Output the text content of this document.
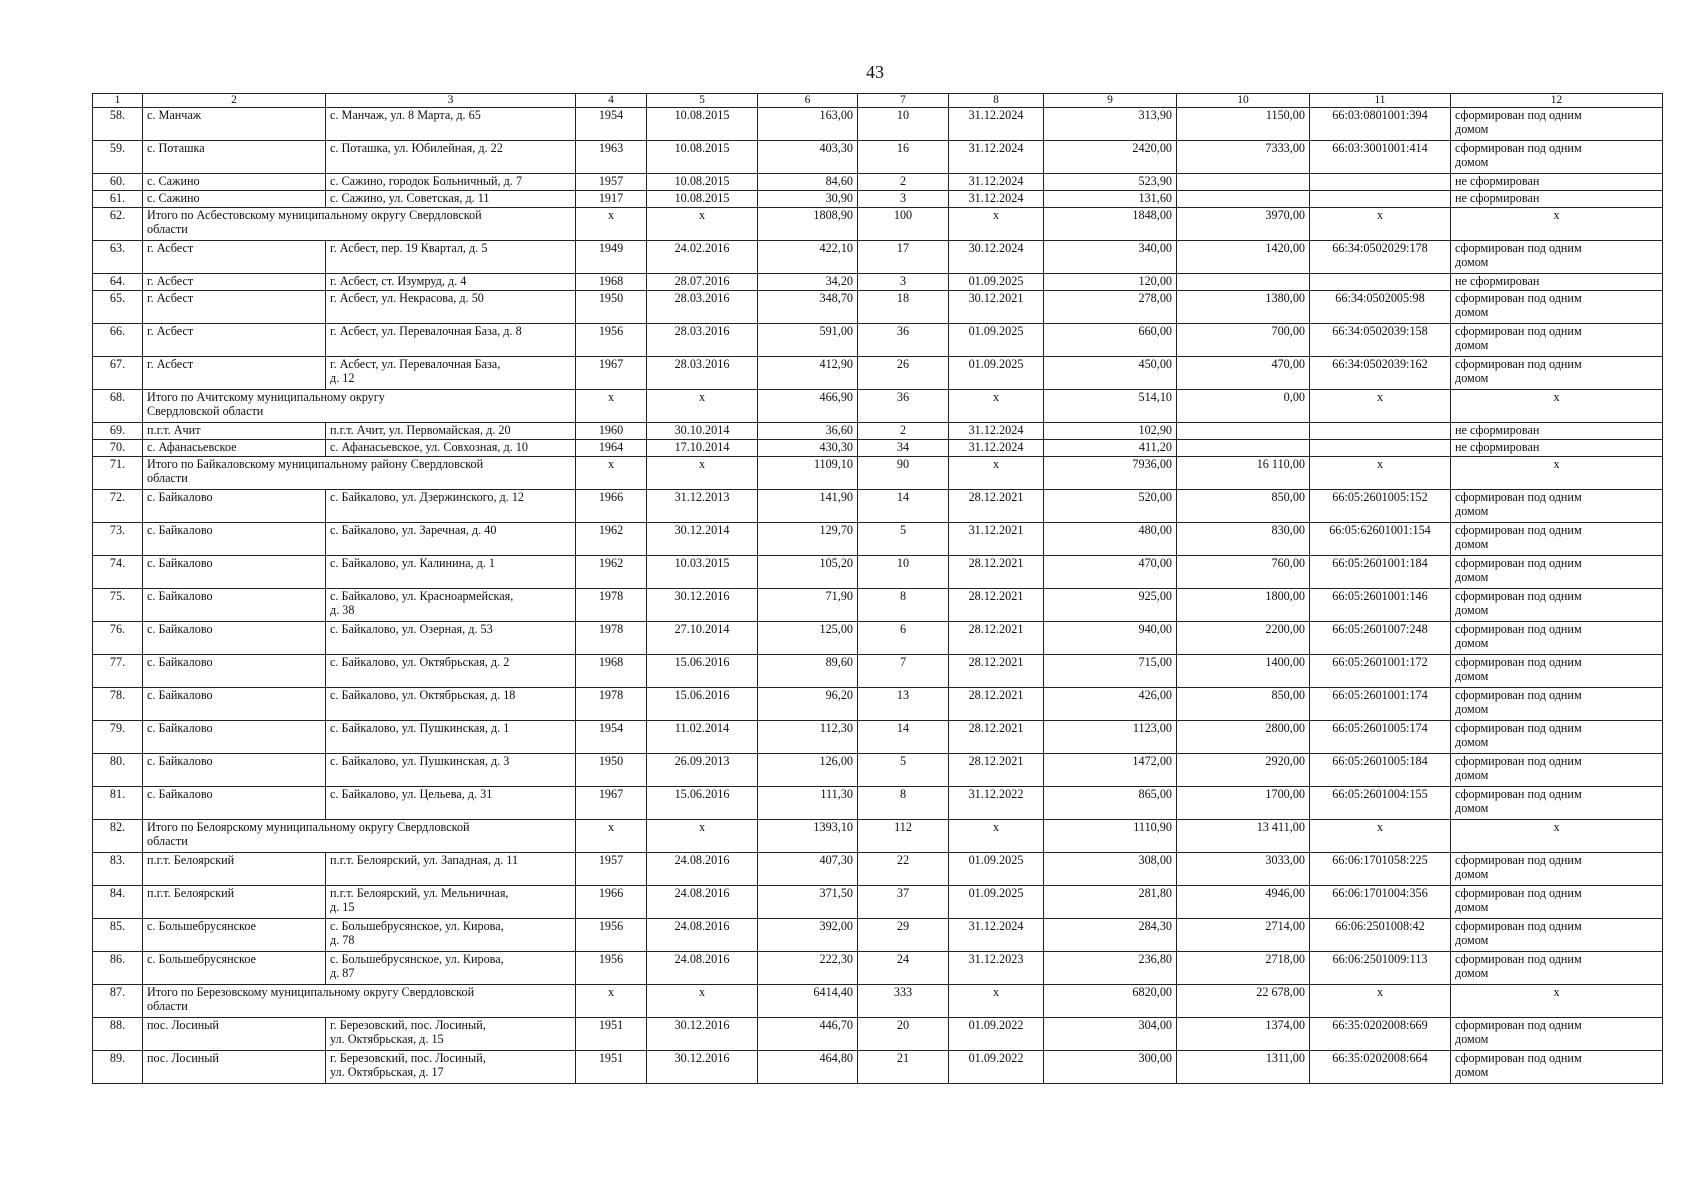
43
1	2	3	4	5	6	7	8	9	10	11	12
58.	с. Манчаж	с. Манчаж, ул. 8 Марта, д. 65	1954	10.08.2015	163,00	10	31.12.2024	313,90	1150,00	66:03:0801001:394	сформирован под одним
домом
59.	с. Поташка	с. Поташка, ул. Юбилейная, д. 22	1963	10.08.2015	403,30	16	31.12.2024	2420,00	7333,00	66:03:3001001:414	сформирован под одним
домом
60.	с. Сажино	с. Сажино, городок Больничный, д. 7	1957	10.08.2015	84,60	2	31.12.2024	523,90			не сформирован
61.	с. Сажино	с. Сажино, ул. Советская, д. 11	1917	10.08.2015	30,90	3	31.12.2024	131,60			не сформирован
62.	Итого по Асбестовскому муниципальному округу Свердловской
области		x	x	1808,90	100	x	1848,00	3970,00	x	x
63.	г. Асбест	г. Асбест, пер. 19 Квартал, д. 5	1949	24.02.2016	422,10	17	30.12.2024	340,00	1420,00	66:34:0502029:178	сформирован под одним
домом
64.	г. Асбест	г. Асбест, ст. Изумруд, д. 4	1968	28.07.2016	34,20	3	01.09.2025	120,00			не сформирован
65.	г. Асбест	г. Асбест, ул. Некрасова, д. 50	1950	28.03.2016	348,70	18	30.12.2021	278,00	1380,00	66:34:0502005:98	сформирован под одним
домом
66.	г. Асбест	г. Асбест, ул. Перевалочная База, д. 8	1956	28.03.2016	591,00	36	01.09.2025	660,00	700,00	66:34:0502039:158	сформирован под одним
домом
67.	г. Асбест	г. Асбест, ул. Перевалочная База,
д. 12	1967	28.03.2016	412,90	26	01.09.2025	450,00	470,00	66:34:0502039:162	сформирован под одним
домом
68.	Итого по Ачитскому муниципальному округу
Свердловской области		x	x	466,90	36	x	514,10	0,00	x	x
69.	п.г.т. Ачит	п.г.т. Ачит, ул. Первомайская, д. 20	1960	30.10.2014	36,60	2	31.12.2024	102,90			не сформирован
70.	с. Афанасьевское	с. Афанасьевское, ул. Совхозная, д. 10	1964	17.10.2014	430,30	34	31.12.2024	411,20			не сформирован
71.	Итого по Байкаловскому муниципальному району Свердловской
области		x	x	1109,10	90	x	7936,00	16 110,00	x	x
72.	с. Байкалово	с. Байкалово, ул. Дзержинского, д. 12	1966	31.12.2013	141,90	14	28.12.2021	520,00	850,00	66:05:2601005:152	сформирован под одним
домом
73.	с. Байкалово	с. Байкалово, ул. Заречная, д. 40	1962	30.12.2014	129,70	5	31.12.2021	480,00	830,00	66:05:62601001:154	сформирован под одним
домом
74.	с. Байкалово	с. Байкалово, ул. Калинина, д. 1	1962	10.03.2015	105,20	10	28.12.2021	470,00	760,00	66:05:2601001:184	сформирован под одним
домом
75.	с. Байкалово	с. Байкалово, ул. Красноармейская,
д. 38	1978	30.12.2016	71,90	8	28.12.2021	925,00	1800,00	66:05:2601001:146	сформирован под одним
домом
76.	с. Байкалово	с. Байкалово, ул. Озерная, д. 53	1978	27.10.2014	125,00	6	28.12.2021	940,00	2200,00	66:05:2601007:248	сформирован под одним
домом
77.	с. Байкалово	с. Байкалово, ул. Октябрьская, д. 2	1968	15.06.2016	89,60	7	28.12.2021	715,00	1400,00	66:05:2601001:172	сформирован под одним
домом
78.	с. Байкалово	с. Байкалово, ул. Октябрьская, д. 18	1978	15.06.2016	96,20	13	28.12.2021	426,00	850,00	66:05:2601001:174	сформирован под одним
домом
79.	с. Байкалово	с. Байкалово, ул. Пушкинская, д. 1	1954	11.02.2014	112,30	14	28.12.2021	1123,00	2800,00	66:05:2601005:174	сформирован под одним
домом
80.	с. Байкалово	с. Байкалово, ул. Пушкинская, д. 3	1950	26.09.2013	126,00	5	28.12.2021	1472,00	2920,00	66:05:2601005:184	сформирован под одним
домом
81.	с. Байкалово	с. Байкалово, ул. Цельева, д. 31	1967	15.06.2016	111,30	8	31.12.2022	865,00	1700,00	66:05:2601004:155	сформирован под одним
домом
82.	Итого по Белоярскому муниципальному округу Свердловской
области		x	x	1393,10	112	x	1110,90	13 411,00	x	x
83.	п.г.т. Белоярский	п.г.т. Белоярский, ул. Западная, д. 11	1957	24.08.2016	407,30	22	01.09.2025	308,00	3033,00	66:06:1701058:225	сформирован под одним
домом
84.	п.г.т. Белоярский	п.г.т. Белоярский, ул. Мельничная,
д. 15	1966	24.08.2016	371,50	37	01.09.2025	281,80	4946,00	66:06:1701004:356	сформирован под одним
домом
85.	с. Большебрусянское	с. Большебрусянское, ул. Кирова,
д. 78	1956	24.08.2016	392,00	29	31.12.2024	284,30	2714,00	66:06:2501008:42	сформирован под одним
домом
86.	с. Большебрусянское	с. Большебрусянское, ул. Кирова,
д. 87	1956	24.08.2016	222,30	24	31.12.2023	236,80	2718,00	66:06:2501009:113	сформирован под одним
домом
87.	Итого по Березовскому муниципальному округу Свердловской
области		x	x	6414,40	333	x	6820,00	22 678,00	x	x
88.	пос. Лосиный	г. Березовский, пос. Лосиный,
ул. Октябрьская, д. 15	1951	30.12.2016	446,70	20	01.09.2022	304,00	1374,00	66:35:0202008:669	сформирован под одним
домом
89.	пос. Лосиный	г. Березовский, пос. Лосиный,
ул. Октябрьская, д. 17	1951	30.12.2016	464,80	21	01.09.2022	300,00	1311,00	66:35:0202008:664	сформирован под одним
домом
